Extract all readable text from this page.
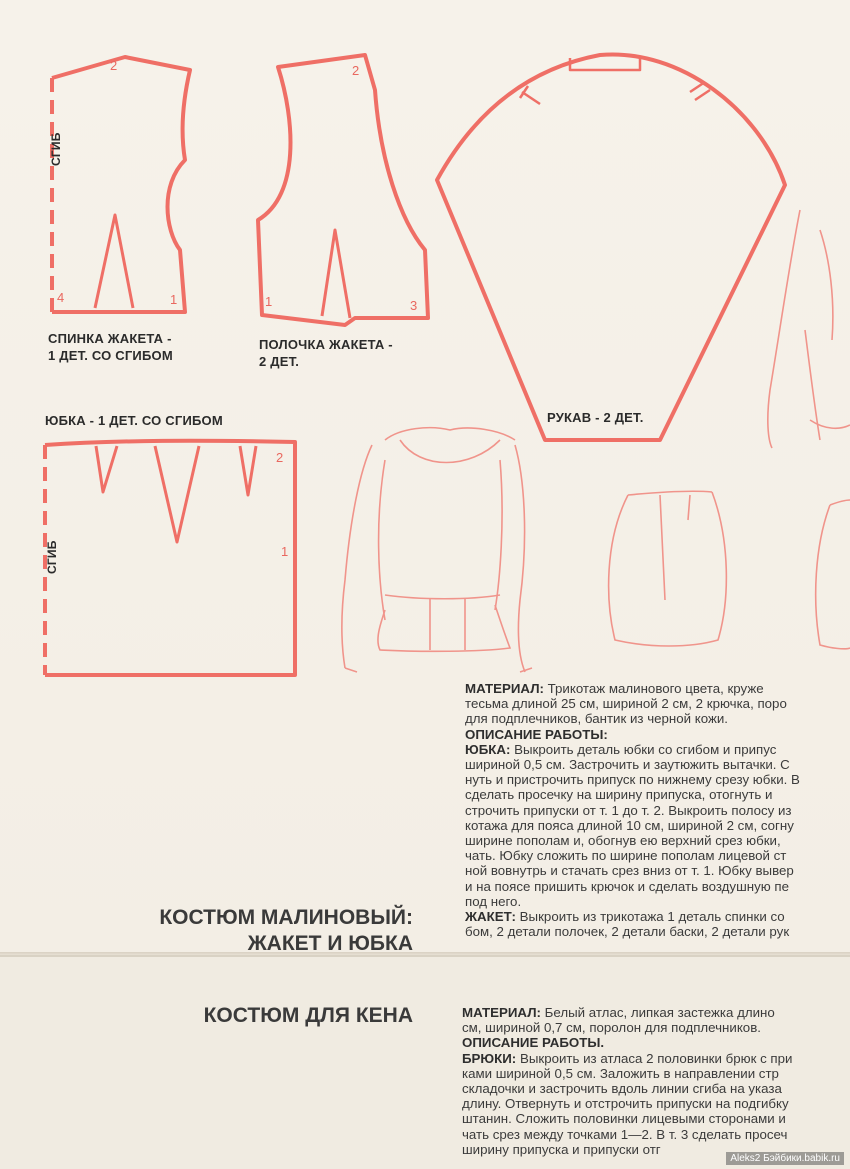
2
4	1
2
1	3
2
1
СГИБ
СГИБ
СПИНКА ЖАКЕТА -
1 ДЕТ. СО СГИБОМ
ПОЛОЧКА ЖАКЕТА -
2 ДЕТ.
РУКАВ - 2 ДЕТ.
ЮБКА - 1 ДЕТ. СО СГИБОМ
КОСТЮМ МАЛИНОВЫЙ:
ЖАКЕТ И ЮБКА
КОСТЮМ ДЛЯ КЕНА
МАТЕРИАЛ: Трикотаж малинового цвета, круже
тесьма длиной 25 см, шириной 2 см, 2 крючка, поро
для подплечников, бантик из черной кожи.
ОПИСАНИЕ РАБОТЫ:
ЮБКА: Выкроить деталь юбки со сгибом и припус
шириной 0,5 см. Застрочить и заутюжить вытачки. С
нуть и пристрочить припуск по нижнему срезу юбки. В
сделать просечку на ширину припуска, отогнуть и
строчить припуски от т. 1 до т. 2. Выкроить полосу из
котажа для пояса длиной 10 см, шириной 2 см, согну
ширине пополам и, обогнув ею верхний срез юбки,
чать. Юбку сложить по ширине пополам лицевой ст
ной вовнутрь и стачать срез вниз от т. 1. Юбку вывер
и на поясе пришить крючок и сделать воздушную пе
под него.
ЖАКЕТ: Выкроить из трикотажа 1 деталь спинки со
бом, 2 детали полочек, 2 детали баски, 2 детали рук
МАТЕРИАЛ: Белый атлас, липкая застежка длино
см, шириной 0,7 см, поролон для подплечников.
ОПИСАНИЕ РАБОТЫ.
БРЮКИ: Выкроить из атласа 2 половинки брюк с при
ками шириной 0,5 см. Заложить в направлении стр
складочки и застрочить вдоль линии сгиба на указа
длину. Отвернуть и отстрочить припуски на подгибку
штанин. Сложить половинки лицевыми сторонами и
чать срез между точками 1—2. В т. 3 сделать просеч
ширину припуска и припуски отг
Aleks2 Бэйбики.babik.ru
